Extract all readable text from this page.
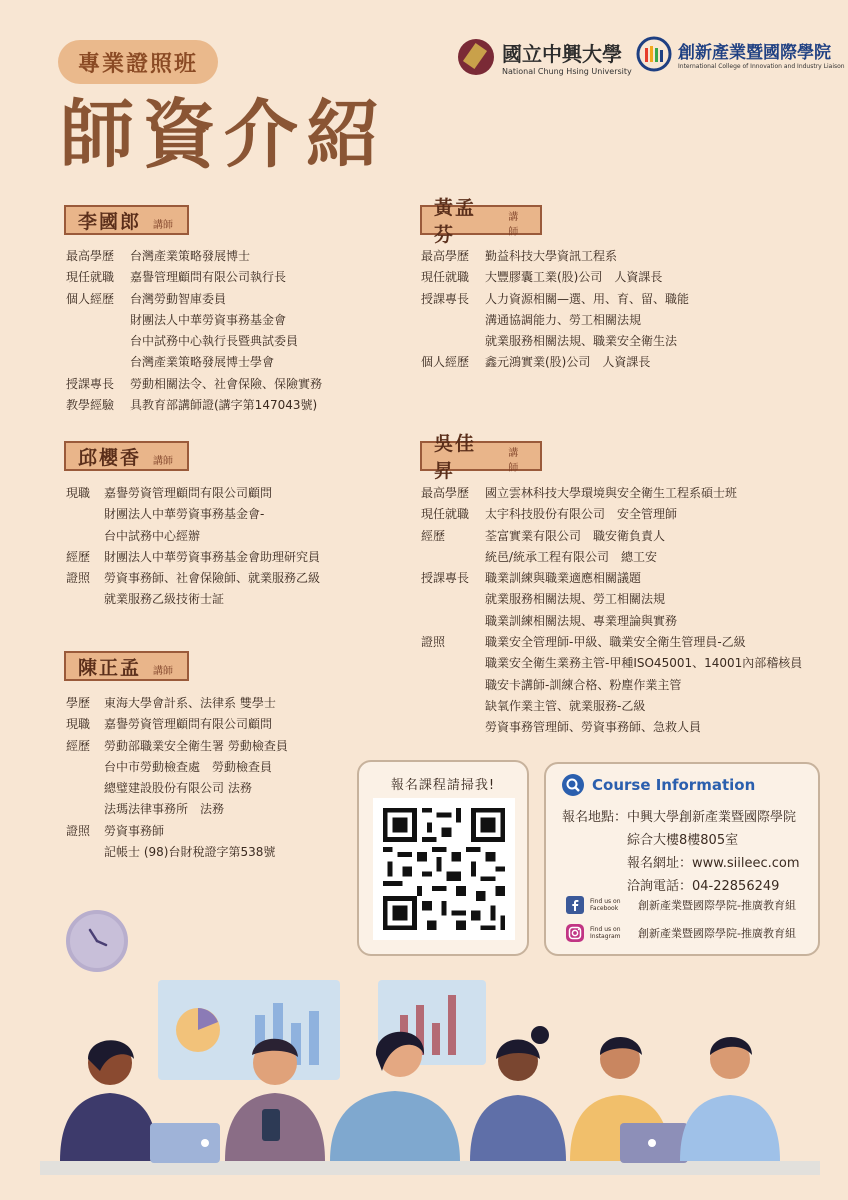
專業證照班
師資介紹
國立中興大學
National Chung Hsing University
創新產業暨國際學院
International College of Innovation and Industry Liaison
李國郎 講師
最高學歷	台灣產業策略發展博士
現任就職	嘉譽管理顧問有限公司執行長
個人經歷	台灣勞動智庫委員
財團法人中華勞資事務基金會
台中試務中心執行長暨典試委員
台灣產業策略發展博士學會
授課專長	勞動相關法令、社會保險、保險實務
教學經驗	具教育部講師證(講字第147043號)
黃孟芬
講師
最高學歷	勤益科技大學資訊工程系
現任就職	大豐膠囊工業(股)公司　人資課長
授課專長	人力資源相關—選、用、育、留、職能
溝通協調能力、勞工相關法規
就業服務相關法規、職業安全衛生法
個人經歷	鑫元鴻實業(股)公司　人資課長
邱櫻香 講師
現職	嘉譽勞資管理顧問有限公司顧問
財團法人中華勞資事務基金會-
台中試務中心經辦
經歷	財團法人中華勞資事務基金會助理研究員
證照	勞資事務師、社會保險師、就業服務乙級
就業服務乙級技術士証
吳佳昇
講師
最高學歷	國立雲林科技大學環境與安全衛生工程系碩士班
現任就職	太宇科技股份有限公司　安全管理師
經歷	荃富實業有限公司　職安衛負責人
統邑/統承工程有限公司　總工安
授課專長	職業訓練與職業適應相關議題
就業服務相關法規、勞工相關法規
職業訓練相關法規、專業理論與實務
證照	職業安全管理師-甲級、職業安全衛生管理員-乙級
職業安全衛生業務主管-甲種ISO45001、14001內部稽核員
職安卡講師-訓練合格、粉塵作業主管
缺氧作業主管、就業服務-乙級
勞資事務管理師、勞資事務師、急救人員
陳正孟 講師
學歷	東海大學會計系、法律系 雙學士
現職	嘉譽勞資管理顧問有限公司顧問
經歷	勞動部職業安全衛生署 勞動檢查員
台中市勞動檢查處　勞動檢查員
總璧建設股份有限公司 法務
法瑪法律事務所　法務
證照	勞資事務師
記帳士 (98)台財稅證字第538號
報名課程請掃我!	Course Information
報名地點：中興大學創新產業暨國際學院
　　　　　綜合大樓8樓805室
　　　　　報名網址：www.siileec.com
　　　　　洽詢電話：04-22856249
Find us on Facebook	創新產業暨國際學院-推廣教育組
Find us on Instagram	創新產業暨國際學院-推廣教育組
